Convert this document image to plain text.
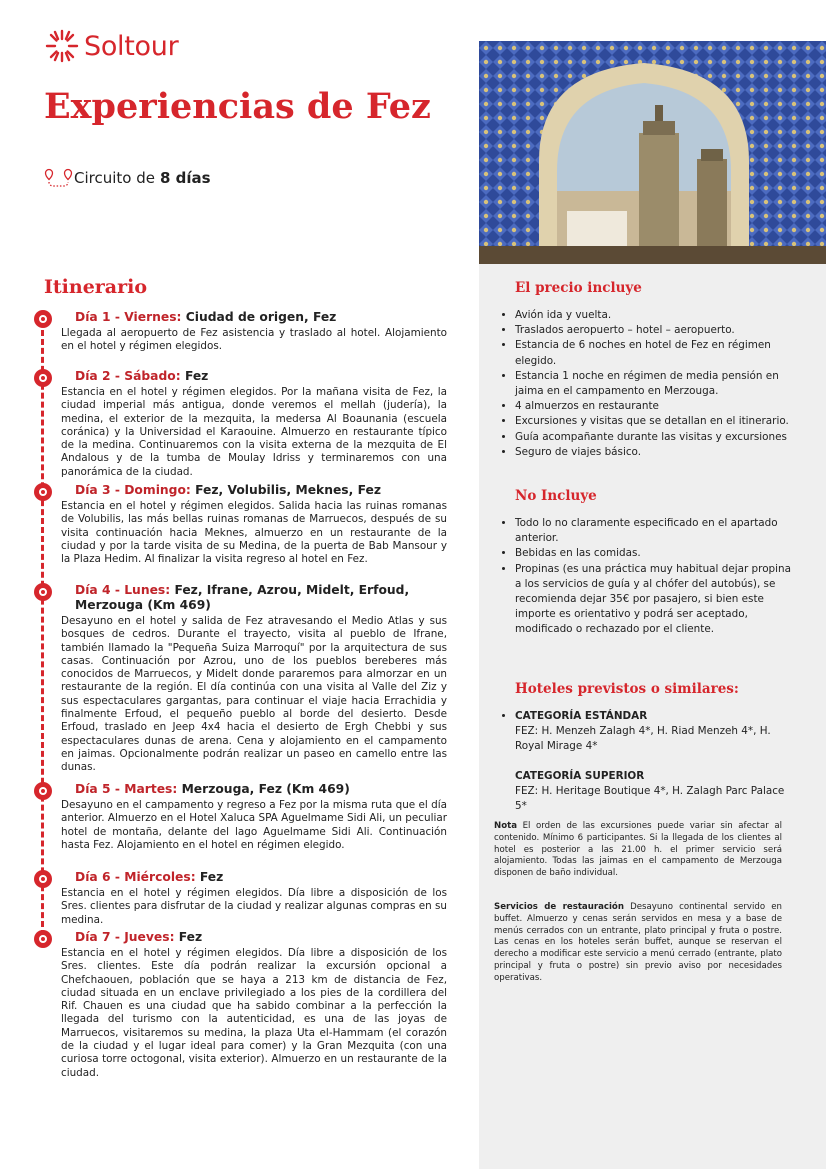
Soltour
Experiencias de Fez
Circuito de 8 días
Itinerario

Día 1 - Viernes: Ciudad de origen, Fez

Llegada al aeropuerto de Fez asistencia y traslado al hotel. Alojamiento en el hotel y régimen elegidos.

Día 2 - Sábado: Fez

Estancia en el hotel y régimen elegidos. Por la mañana visita de Fez, la ciudad imperial más antigua, donde veremos el mellah (judería), la medina, el exterior de la mezquita, la medersa Al Boaunania (escuela coránica) y la Universidad el Karaouine. Almuerzo en restaurante típico de la medina. Continuaremos con la visita externa de la mezquita de El Andalous y de la tumba de Moulay Idriss y terminaremos con una panorámica de la ciudad.

Día 3 - Domingo: Fez, Volubilis, Meknes, Fez

Estancia en el hotel y régimen elegidos. Salida hacia las ruinas romanas de Volubilis, las más bellas ruinas romanas de Marruecos, después de su visita continuación hacia Meknes, almuerzo en un restaurante de la ciudad y por la tarde visita de su Medina, de la puerta de Bab Mansour y la Plaza Hedim. Al finalizar la visita regreso al hotel en Fez.

Día 4 - Lunes: Fez, Ifrane, Azrou, Midelt, Erfoud, Merzouga (Km 469)

Desayuno en el hotel y salida de Fez atravesando el Medio Atlas y sus bosques de cedros. Durante el trayecto, visita al pueblo de Ifrane, también llamado la "Pequeña Suiza Marroquí" por la arquitectura de sus casas. Continuación por Azrou, uno de los pueblos bereberes más conocidos de Marruecos, y Midelt donde pararemos para almorzar en un restaurante de la región. El día continúa con una visita al Valle del Ziz y sus espectaculares gargantas, para continuar el viaje hacia Errachidia y finalmente Erfoud, el pequeño pueblo al borde del desierto. Desde Erfoud, traslado en Jeep 4x4 hacia el desierto de Ergh Chebbi y sus espectaculares dunas de arena. Cena y alojamiento en el campamento en jaimas. Opcionalmente podrán realizar un paseo en camello entre las dunas.

Día 5 - Martes: Merzouga, Fez (Km 469)

Desayuno en el campamento y regreso a Fez por la misma ruta que el día anterior. Almuerzo en el Hotel Xaluca SPA Aguelmame Sidi Ali, un peculiar hotel de montaña, delante del lago Aguelmame Sidi Ali. Continuación hasta Fez. Alojamiento en el hotel en régimen elegido.

Día 6 - Miércoles: Fez

Estancia en el hotel y régimen elegidos. Día libre a disposición de los Sres. clientes para disfrutar de la ciudad y realizar algunas compras en su medina.

Día 7 - Jueves: Fez

Estancia en el hotel y régimen elegidos. Día libre a disposición de los Sres. clientes. Este día podrán realizar la excursión opcional a Chefchaouen, población que se haya a 213 km de distancia de Fez, ciudad situada en un enclave privilegiado a los pies de la cordillera del Rif. Chauen es una ciudad que ha sabido combinar a la perfección la llegada del turismo con la autenticidad, es una de las joyas de Marruecos, visitaremos su medina, la plaza Uta el-Hammam (el corazón de la ciudad y el lugar ideal para comer) y la Gran Mezquita (con una curiosa torre octogonal, visita exterior). Almuerzo en un restaurante de la ciudad.

El precio incluye
• Avión ida y vuelta.
• Traslados aeropuerto – hotel – aeropuerto.
• Estancia de 6 noches en hotel de Fez en régimen elegido.
• Estancia 1 noche en régimen de media pensión en jaima en el campamento en Merzouga.
• 4 almuerzos en restaurante
• Excursiones y visitas que se detallan en el itinerario.
• Guía acompañante durante las visitas y excursiones
• Seguro de viajes básico.
No Incluye
• Todo lo no claramente especificado en el apartado anterior.
• Bebidas en las comidas.
• Propinas (es una práctica muy habitual dejar propina a los servicios de guía y al chófer del autobús), se recomienda dejar 35€ por pasajero, si bien este importe es orientativo y podrá ser aceptado, modificado o rechazado por el cliente.
Hoteles previstos o similares:
• CATEGORÍA ESTÁNDAR
FEZ: H. Menzeh Zalagh 4*, H. Riad Menzeh 4*, H. Royal Mirage 4*
CATEGORÍA SUPERIOR
FEZ: H. Heritage Boutique 4*, H. Zalagh Parc Palace 5*

Nota El orden de las excursiones puede variar sin afectar al contenido. Mínimo 6 participantes. Si la llegada de los clientes al hotel es posterior a las 21.00 h. el primer servicio será alojamiento. Todas las jaimas en el campamento de Merzouga disponen de baño individual.

Servicios de restauración Desayuno continental servido en buffet. Almuerzo y cenas serán servidos en mesa y a base de menús cerrados con un entrante, plato principal y fruta o postre. Las cenas en los hoteles serán buffet, aunque se reservan el derecho a modificar este servicio a menú cerrado (entrante, plato principal y fruta o postre) sin previo aviso por necesidades operativas.
